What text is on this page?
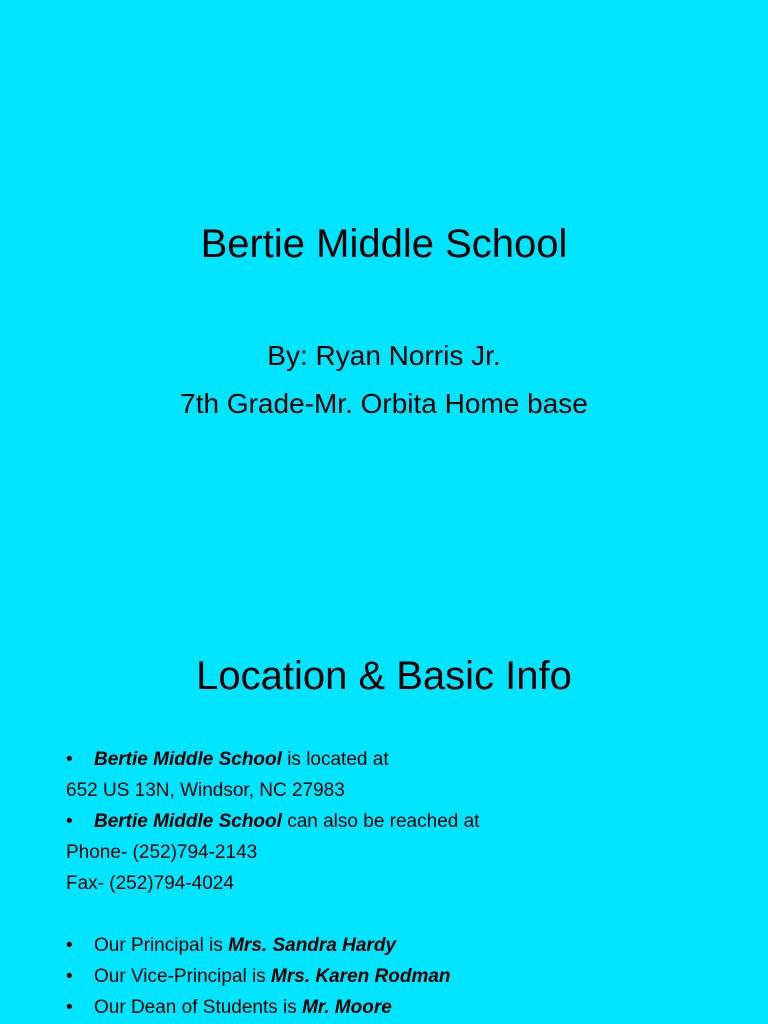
Bertie Middle School
By: Ryan Norris Jr.
7th Grade-Mr. Orbita Home base
Location & Basic Info
• Bertie Middle School is located at
652 US 13N, Windsor, NC 27983
• Bertie Middle School can also be reached at
Phone- (252)794-2143
Fax- (252)794-4024
• Our Principal is Mrs. Sandra Hardy
• Our Vice-Principal is Mrs. Karen Rodman
• Our Dean of Students is Mr. Moore
